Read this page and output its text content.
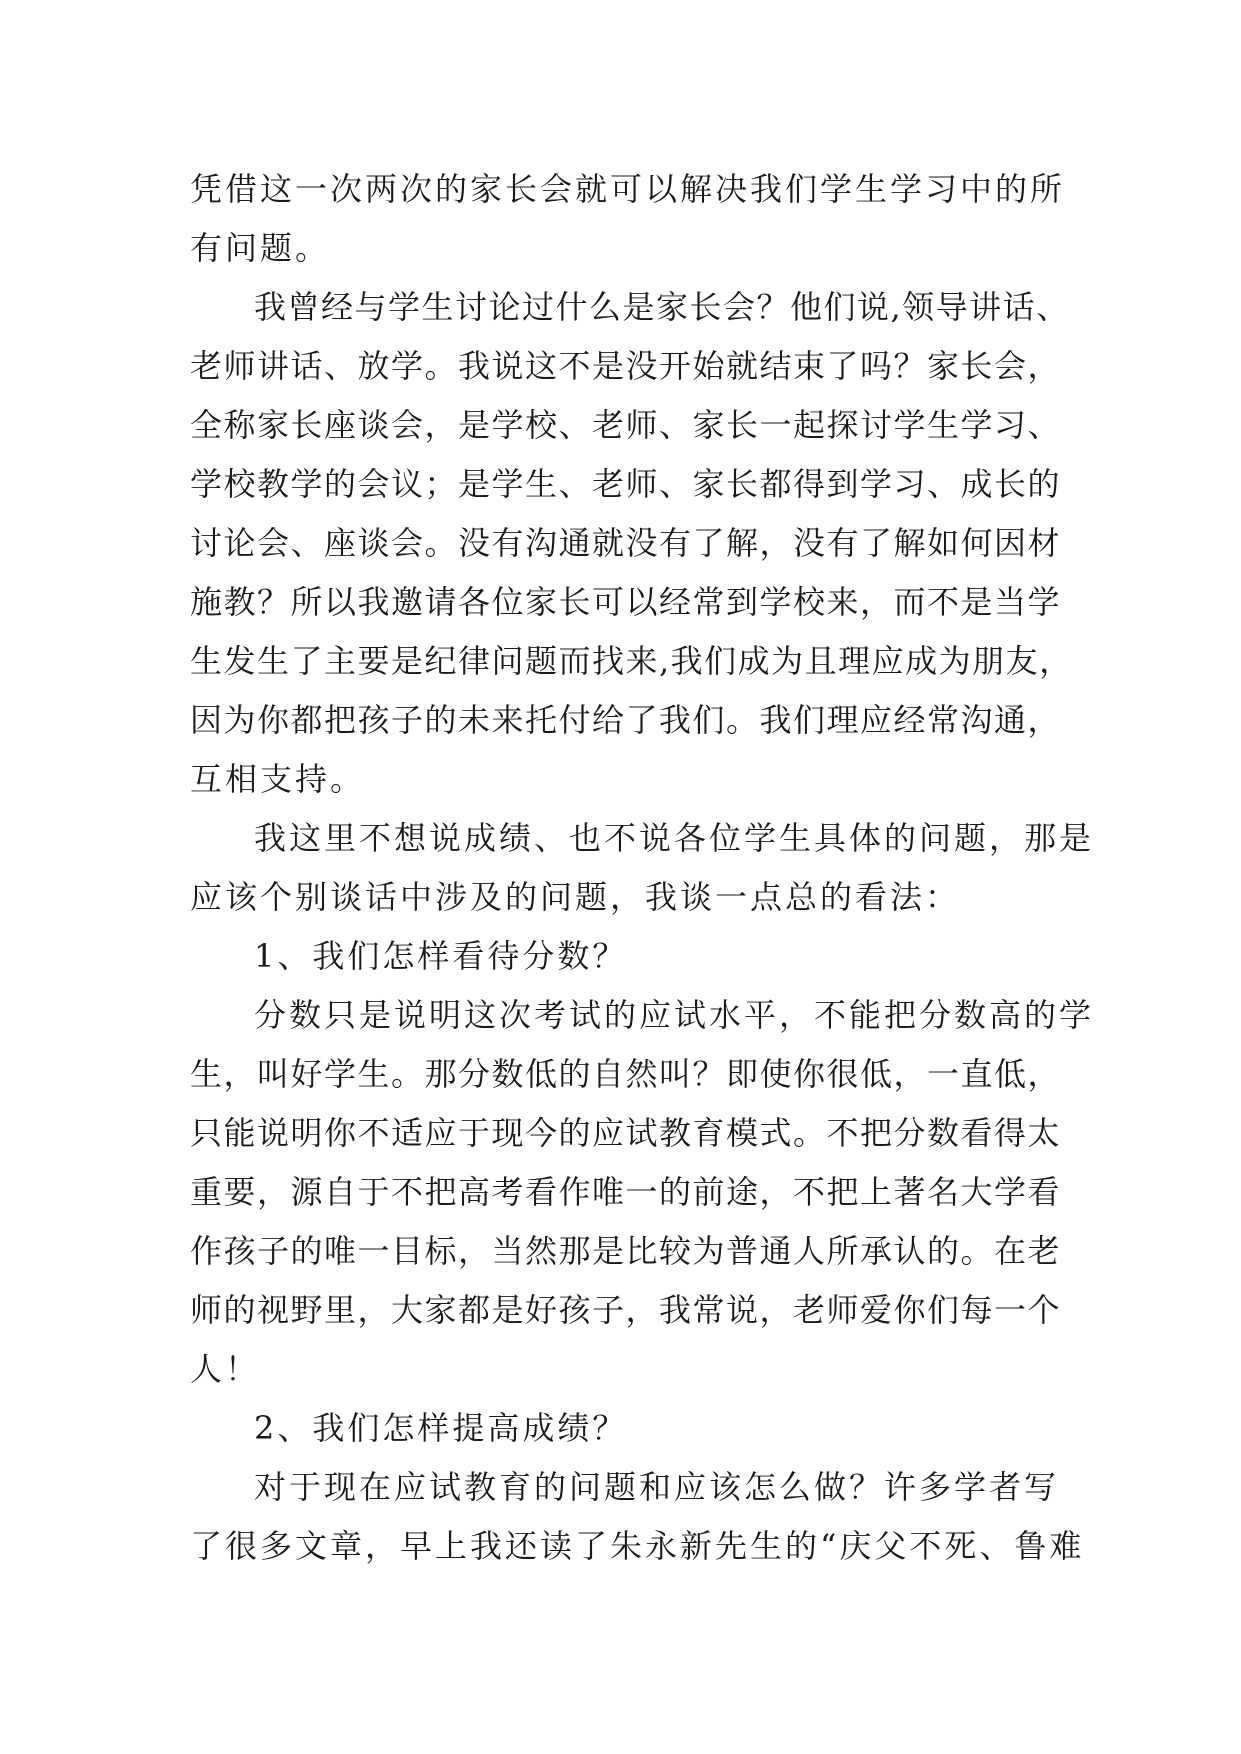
凭借这一次两次的家长会就可以解决我们学生学习中的所
有问题。
我曾经与学生讨论过什么是家长会？他们说,领导讲话、
老师讲话、放学。我说这不是没开始就结束了吗？家长会，
全称家长座谈会，是学校、老师、家长一起探讨学生学习、
学校教学的会议；是学生、老师、家长都得到学习、成长的
讨论会、座谈会。没有沟通就没有了解，没有了解如何因材
施教？所以我邀请各位家长可以经常到学校来，而不是当学
生发生了主要是纪律问题而找来,我们成为且理应成为朋友，
因为你都把孩子的未来托付给了我们。我们理应经常沟通，
互相支持。
我这里不想说成绩、也不说各位学生具体的问题，那是
应该个别谈话中涉及的问题，我谈一点总的看法：
1、我们怎样看待分数？
分数只是说明这次考试的应试水平，不能把分数高的学
生，叫好学生。那分数低的自然叫？即使你很低，一直低，
只能说明你不适应于现今的应试教育模式。不把分数看得太
重要，源自于不把高考看作唯一的前途，不把上著名大学看
作孩子的唯一目标，当然那是比较为普通人所承认的。在老
师的视野里，大家都是好孩子，我常说，老师爱你们每一个
人！
2、我们怎样提高成绩？
对于现在应试教育的问题和应该怎么做？许多学者写
了很多文章，早上我还读了朱永新先生的“庆父不死、鲁难
